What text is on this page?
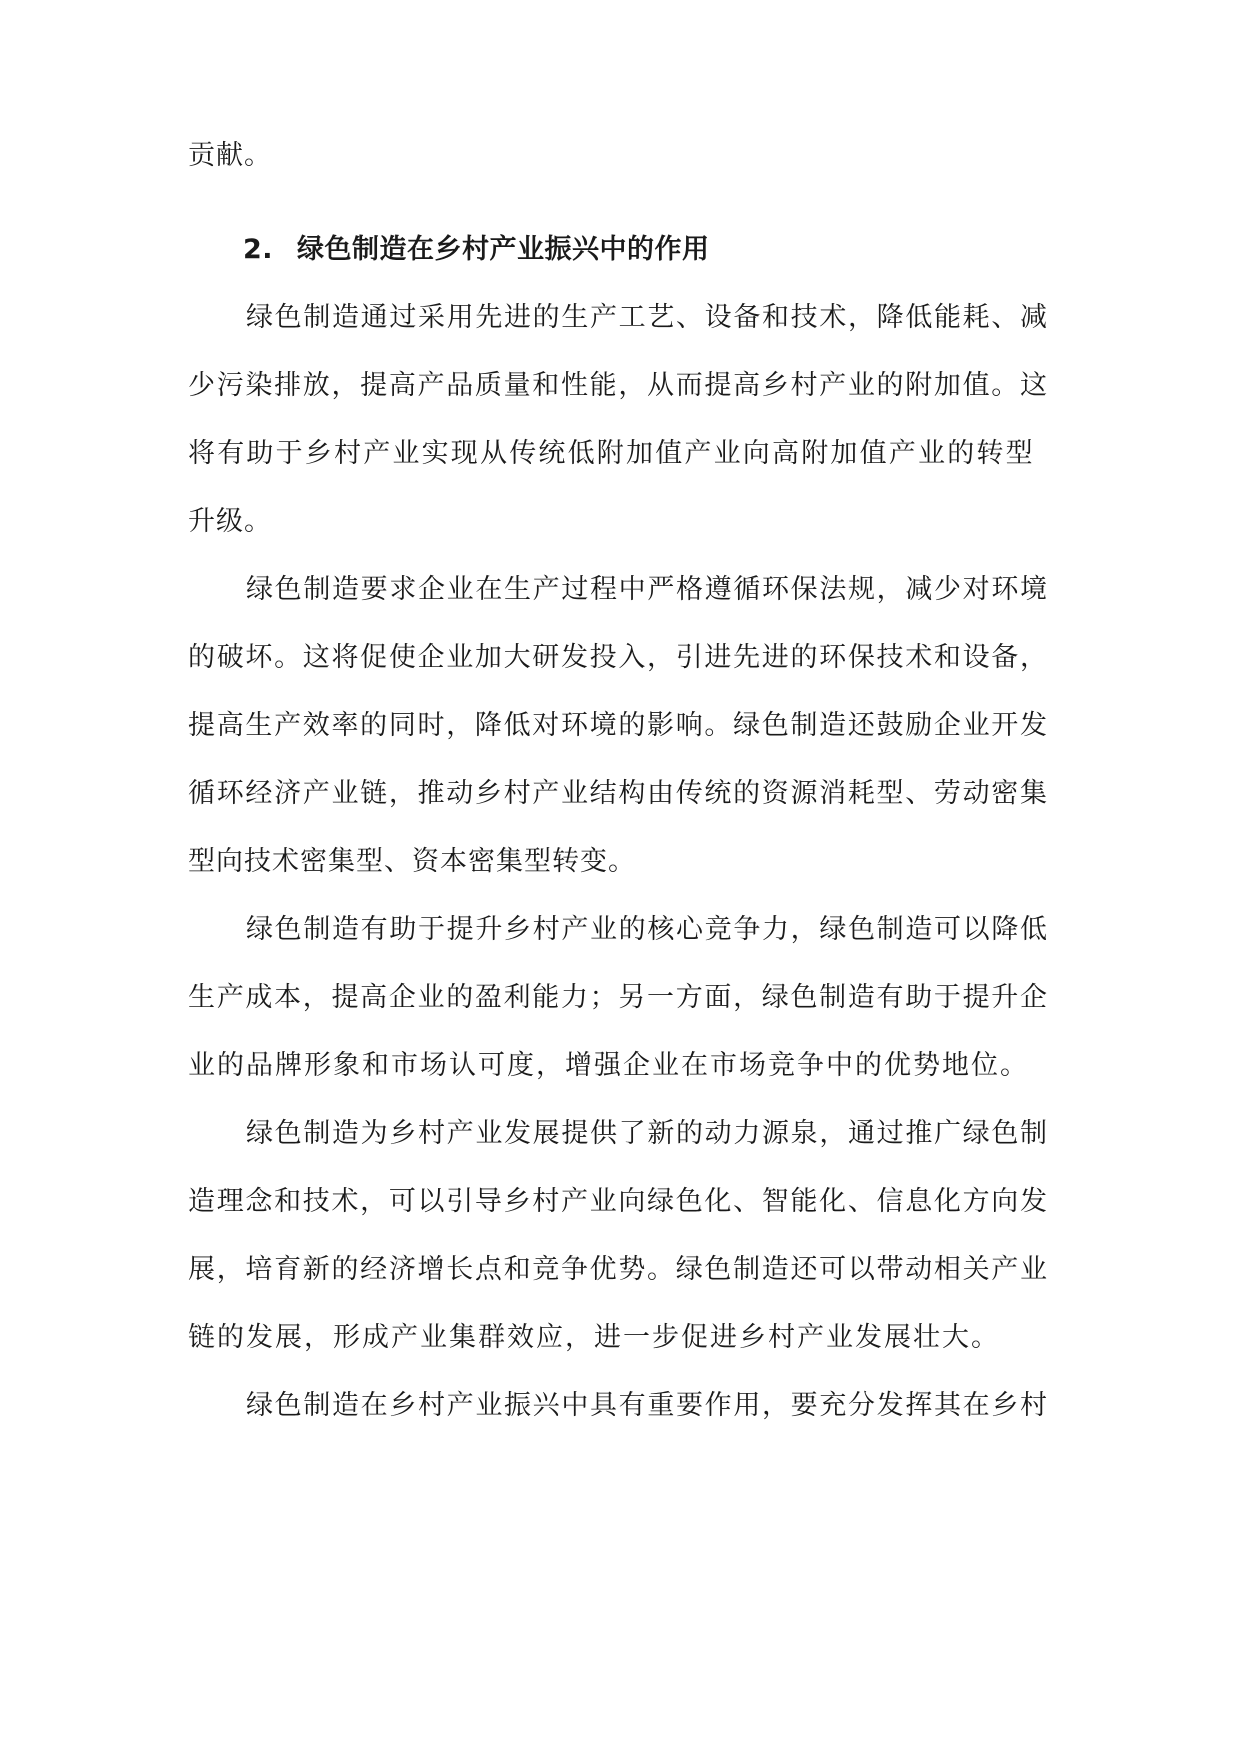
贡献。
2. 绿色制造在乡村产业振兴中的作用
绿色制造通过采用先进的生产工艺、设备和技术，降低能耗、减
少污染排放，提高产品质量和性能，从而提高乡村产业的附加值。这
将有助于乡村产业实现从传统低附加值产业向高附加值产业的转型
升级。
绿色制造要求企业在生产过程中严格遵循环保法规，减少对环境
的破坏。这将促使企业加大研发投入，引进先进的环保技术和设备，
提高生产效率的同时，降低对环境的影响。绿色制造还鼓励企业开发
循环经济产业链，推动乡村产业结构由传统的资源消耗型、劳动密集
型向技术密集型、资本密集型转变。
绿色制造有助于提升乡村产业的核心竞争力，绿色制造可以降低
生产成本，提高企业的盈利能力；另一方面，绿色制造有助于提升企
业的品牌形象和市场认可度，增强企业在市场竞争中的优势地位。
绿色制造为乡村产业发展提供了新的动力源泉，通过推广绿色制
造理念和技术，可以引导乡村产业向绿色化、智能化、信息化方向发
展，培育新的经济增长点和竞争优势。绿色制造还可以带动相关产业
链的发展，形成产业集群效应，进一步促进乡村产业发展壮大。
绿色制造在乡村产业振兴中具有重要作用，要充分发挥其在乡村
